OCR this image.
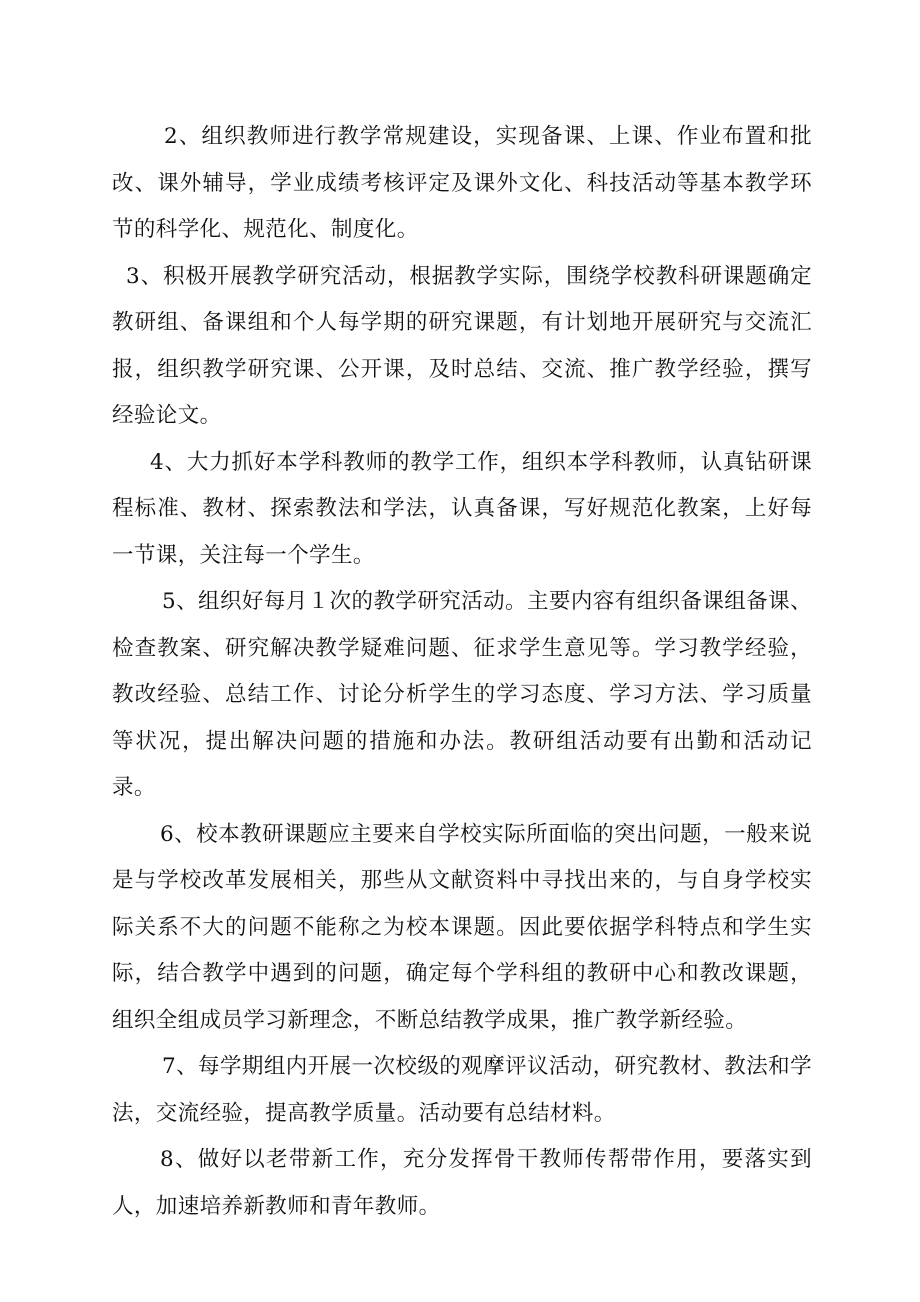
2、组织教师进行教学常规建设，实现备课、上课、作业布置和批改、课外辅导，学业成绩考核评定及课外文化、科技活动等基本教学环节的科学化、规范化、制度化。

3、积极开展教学研究活动，根据教学实际，围绕学校教科研课题确定教研组、备课组和个人每学期的研究课题，有计划地开展研究与交流汇报，组织教学研究课、公开课，及时总结、交流、推广教学经验，撰写经验论文。

4、大力抓好本学科教师的教学工作，组织本学科教师，认真钻研课程标准、教材、探索教法和学法，认真备课，写好规范化教案，上好每一节课，关注每一个学生。

5、组织好每月１次的教学研究活动。主要内容有组织备课组备课、检查教案、研究解决教学疑难问题、征求学生意见等。学习教学经验，教改经验、总结工作、讨论分析学生的学习态度、学习方法、学习质量等状况，提出解决问题的措施和办法。教研组活动要有出勤和活动记录。

6、校本教研课题应主要来自学校实际所面临的突出问题，一般来说是与学校改革发展相关，那些从文献资料中寻找出来的，与自身学校实际关系不大的问题不能称之为校本课题。因此要依据学科特点和学生实际，结合教学中遇到的问题，确定每个学科组的教研中心和教改课题，组织全组成员学习新理念，不断总结教学成果，推广教学新经验。

7、每学期组内开展一次校级的观摩评议活动，研究教材、教法和学法，交流经验，提高教学质量。活动要有总结材料。

8、做好以老带新工作，充分发挥骨干教师传帮带作用，要落实到人，加速培养新教师和青年教师。
